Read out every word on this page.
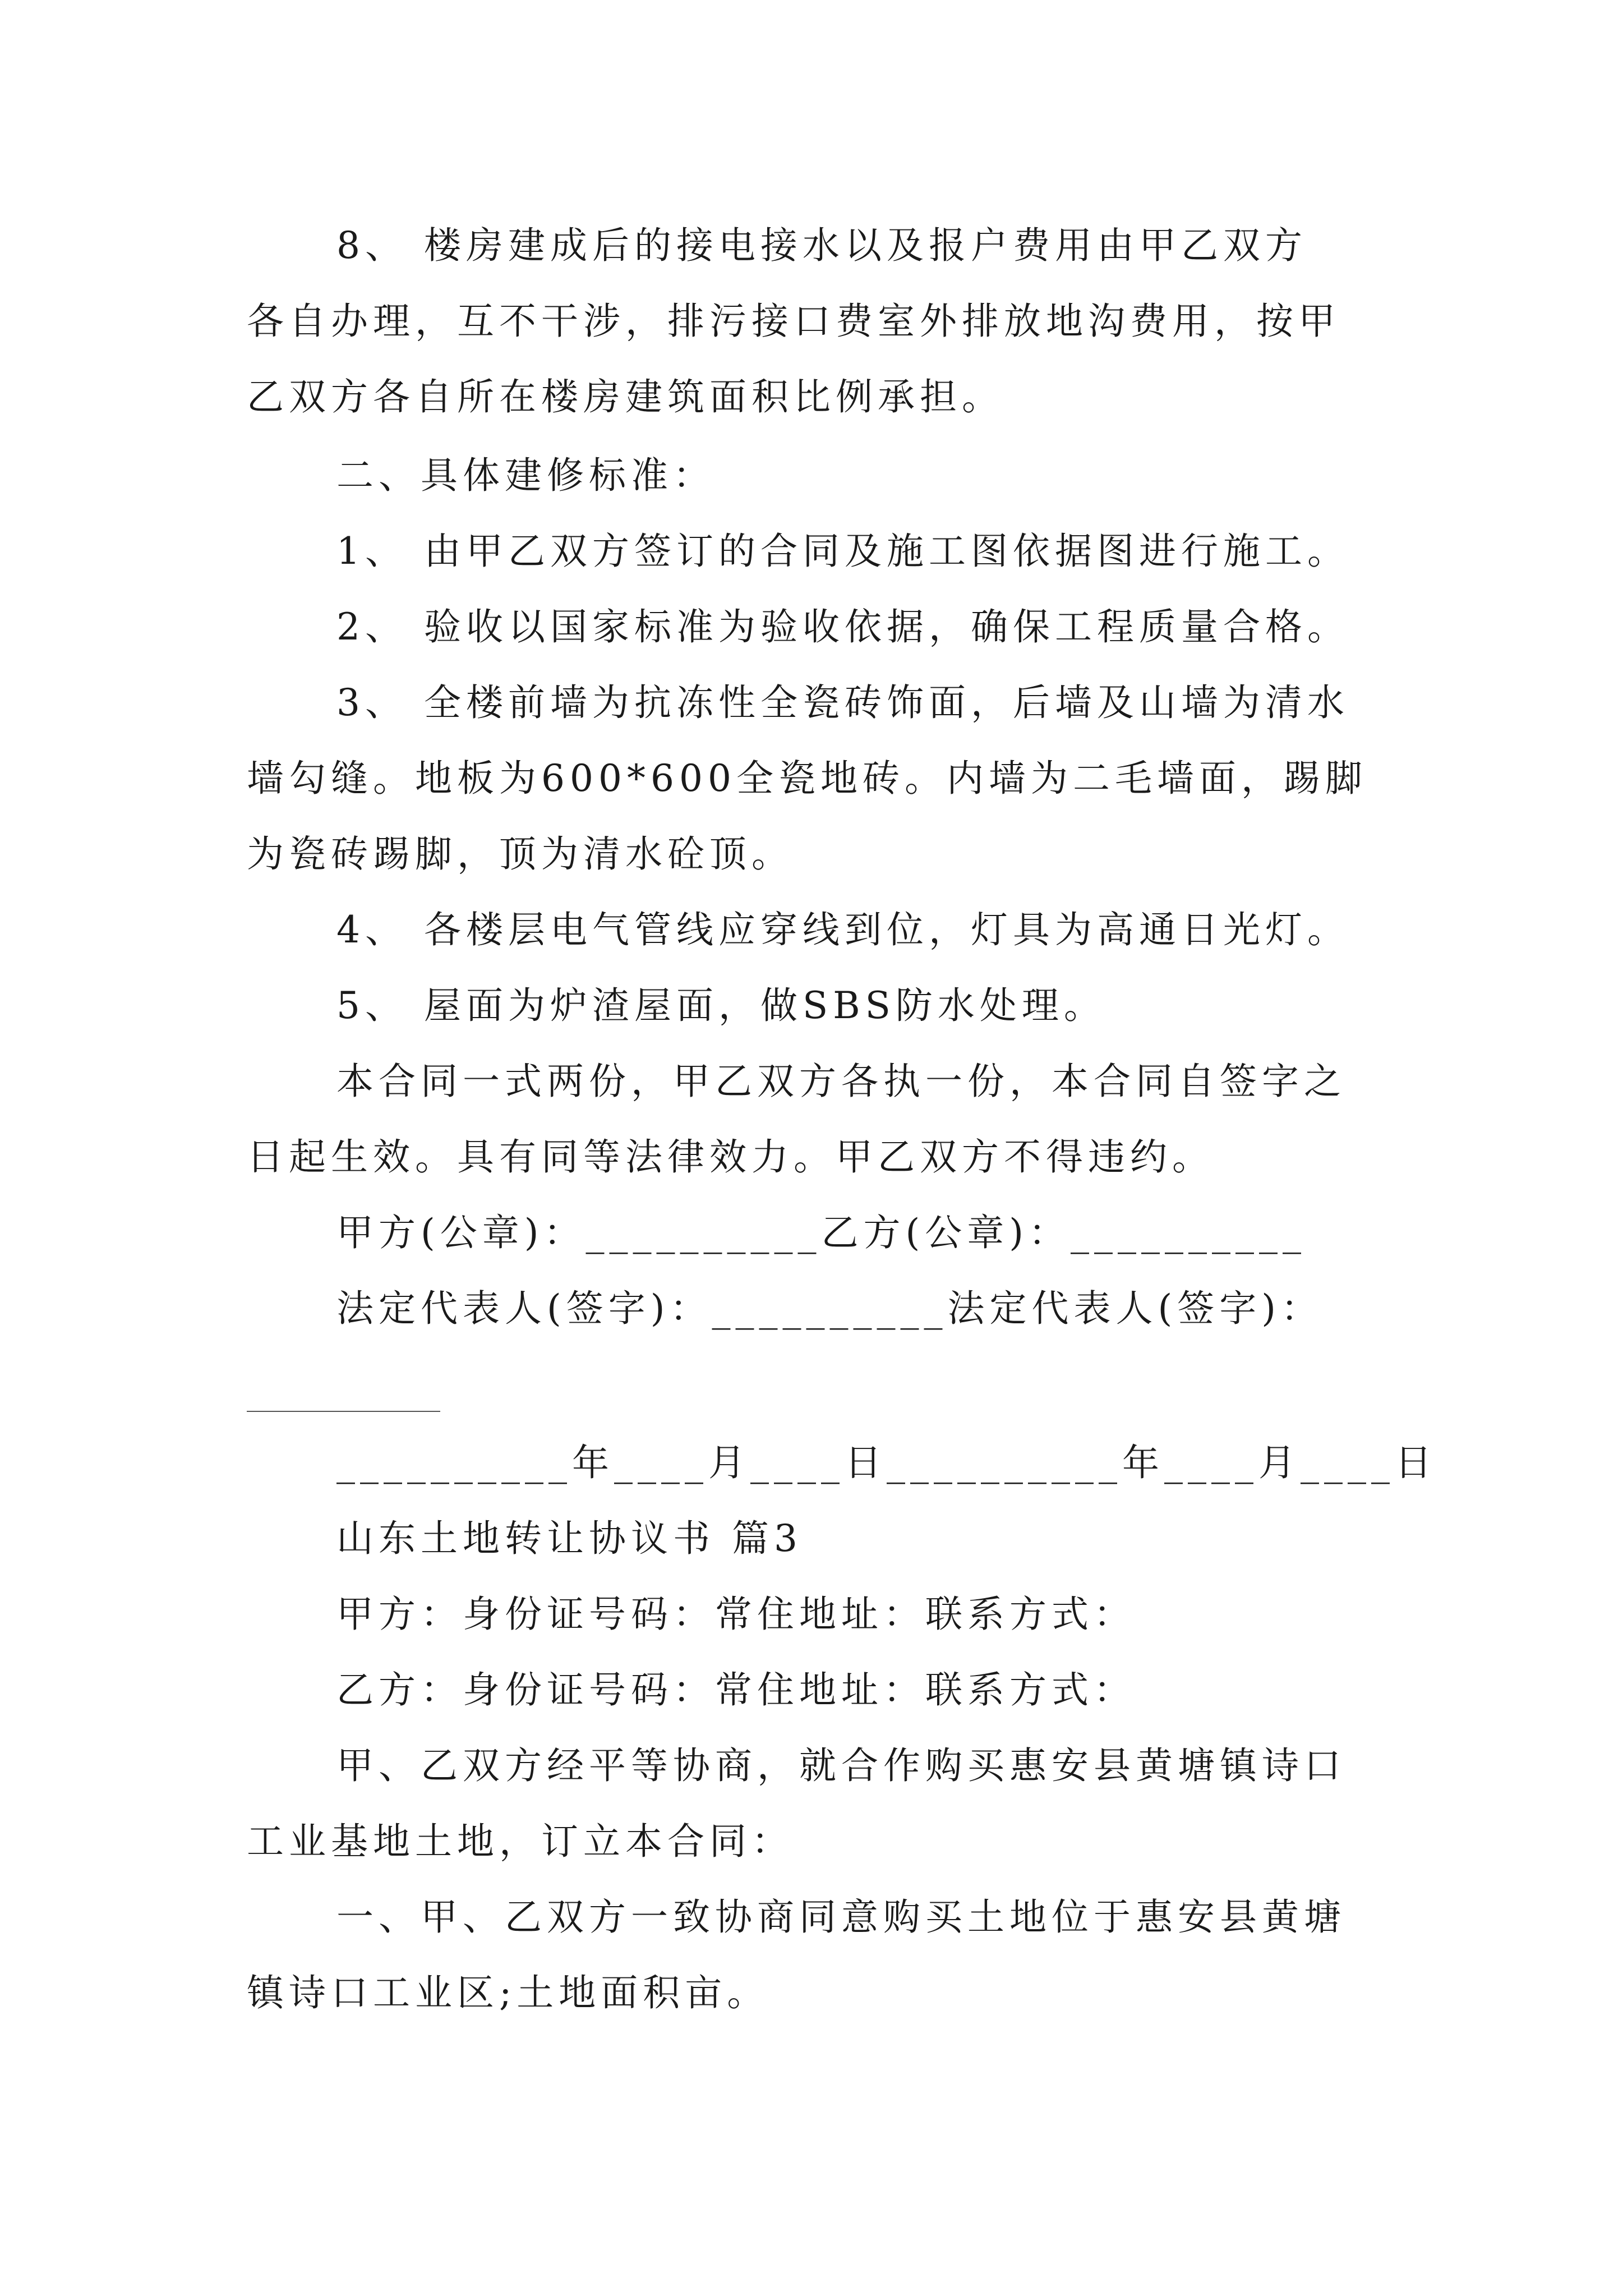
8、 楼房建成后的接电接水以及报户费用由甲乙双方
各自办理，互不干涉，排污接口费室外排放地沟费用，按甲
乙双方各自所在楼房建筑面积比例承担。
二、具体建修标准：
1、 由甲乙双方签订的合同及施工图依据图进行施工。
2、 验收以国家标准为验收依据，确保工程质量合格。
3、 全楼前墙为抗冻性全瓷砖饰面，后墙及山墙为清水
墙勾缝。地板为600*600全瓷地砖。内墙为二毛墙面，踢脚
为瓷砖踢脚，顶为清水砼顶。
4、 各楼层电气管线应穿线到位，灯具为高通日光灯。
5、 屋面为炉渣屋面，做SBS防水处理。
本合同一式两份，甲乙双方各执一份，本合同自签字之
日起生效。具有同等法律效力。甲乙双方不得违约。
甲方(公章)：__________乙方(公章)：__________
法定代表人(签字)：__________法定代表人(签字)：
__________年____月____日__________年____月____日
山东土地转让协议书 篇3
甲方：身份证号码：常住地址：联系方式：
乙方：身份证号码：常住地址：联系方式：
甲、乙双方经平等协商，就合作购买惠安县黄塘镇诗口
工业基地土地，订立本合同：
一、甲、乙双方一致协商同意购买土地位于惠安县黄塘
镇诗口工业区;土地面积亩。
